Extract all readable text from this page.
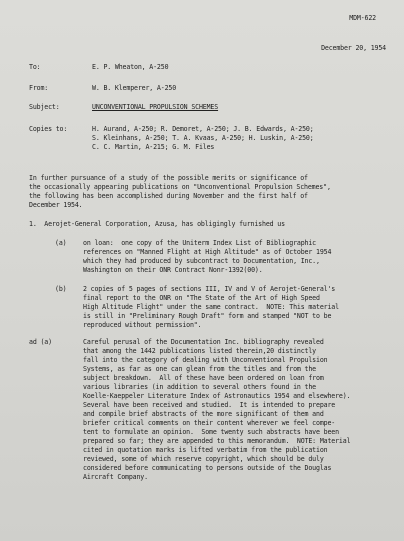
MDM-622
December 20, 1954
To:	E. P. Wheaton, A-250
From:	W. B. Klemperer, A-250
Subject:	UNCONVENTIONAL PROPULSION SCHEMES
Copies to:	H. Aurand, A-250; R. Demoret, A-250; J. B. Edwards, A-250;
S. Kleinhans, A-250; T. A. Kvaas, A-250; H. Luskin, A-250;
C. C. Martin, A-215; G. M. Files
In further pursuance of a study of the possible merits or significance of
the occasionally appearing publications on "Unconventional Propulsion Schemes",
the following has been accomplished during November and the first half of
December 1954.
1.  Aerojet-General Corporation, Azusa, has obligingly furnished us
(a)	on loan:  one copy of the Uniterm Index List of Bibliographic
references on "Manned Flight at High Altitude" as of October 1954
which they had produced by subcontract to Documentation, Inc.,
Washington on their ONR Contract Nonr-1392(00).
(b)	2 copies of 5 pages of sections III, IV and V of Aerojet-General's
final report to the ONR on "The State of the Art of High Speed
High Altitude Flight" under the same contract.  NOTE: This material
is still in "Preliminary Rough Draft" form and stamped "NOT to be
reproduced without permission".
ad (a)	Careful perusal of the Documentation Inc. bibliography revealed
that among the 1442 publications listed therein,20 distinctly
fall into the category of dealing with Unconventional Propulsion
Systems, as far as one can glean from the titles and from the
subject breakdown.  All of these have been ordered on loan from
various libraries (in addition to several others found in the
Koelle-Kaeppeler Literature Index of Astronautics 1954 and elsewhere).
Several have been received and studied.  It is intended to prepare
and compile brief abstracts of the more significant of them and
briefer critical comments on their content wherever we feel compe-
tent to formulate an opinion.  Some twenty such abstracts have been
prepared so far; they are appended to this memorandum.  NOTE: Material
cited in quotation marks is lifted verbatim from the publication
reviewed, some of which reserve copyright, which should be duly
considered before communicating to persons outside of the Douglas
Aircraft Company.
